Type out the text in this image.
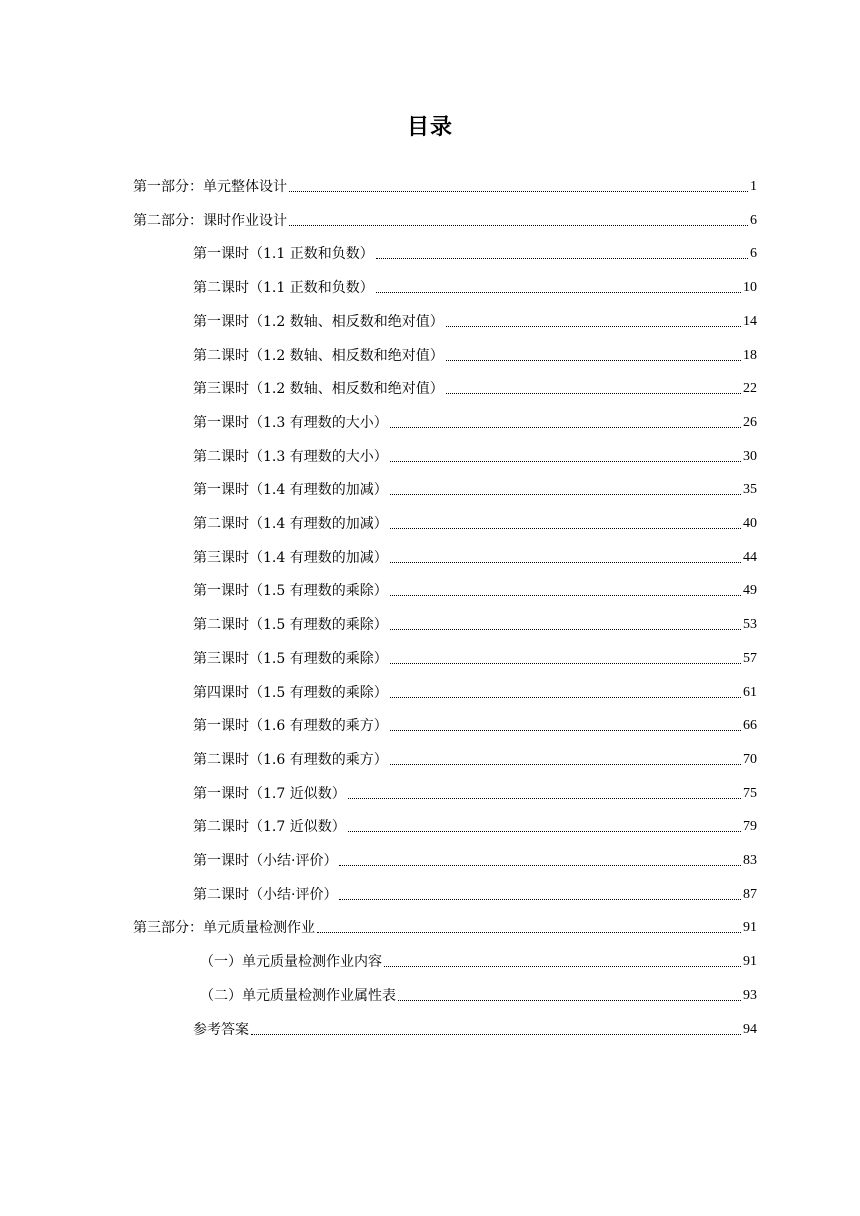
目录
第一部分：单元整体设计	1
第二部分：课时作业设计	6
第一课时（1.1 正数和负数）	6
第二课时（1.1 正数和负数）	10
第一课时（1.2 数轴、相反数和绝对值）	14
第二课时（1.2 数轴、相反数和绝对值）	18
第三课时（1.2 数轴、相反数和绝对值）	22
第一课时（1.3 有理数的大小）	26
第二课时（1.3 有理数的大小）	30
第一课时（1.4 有理数的加减）	35
第二课时（1.4 有理数的加减）	40
第三课时（1.4 有理数的加减）	44
第一课时（1.5 有理数的乘除）	49
第二课时（1.5 有理数的乘除）	53
第三课时（1.5 有理数的乘除）	57
第四课时（1.5 有理数的乘除）	61
第一课时（1.6 有理数的乘方）	66
第二课时（1.6 有理数的乘方）	70
第一课时（1.7 近似数）	75
第二课时（1.7 近似数）	79
第一课时（小结·评价）	83
第二课时（小结·评价）	87
第三部分：单元质量检测作业	91
（一）单元质量检测作业内容	91
（二）单元质量检测作业属性表	93
参考答案	94
